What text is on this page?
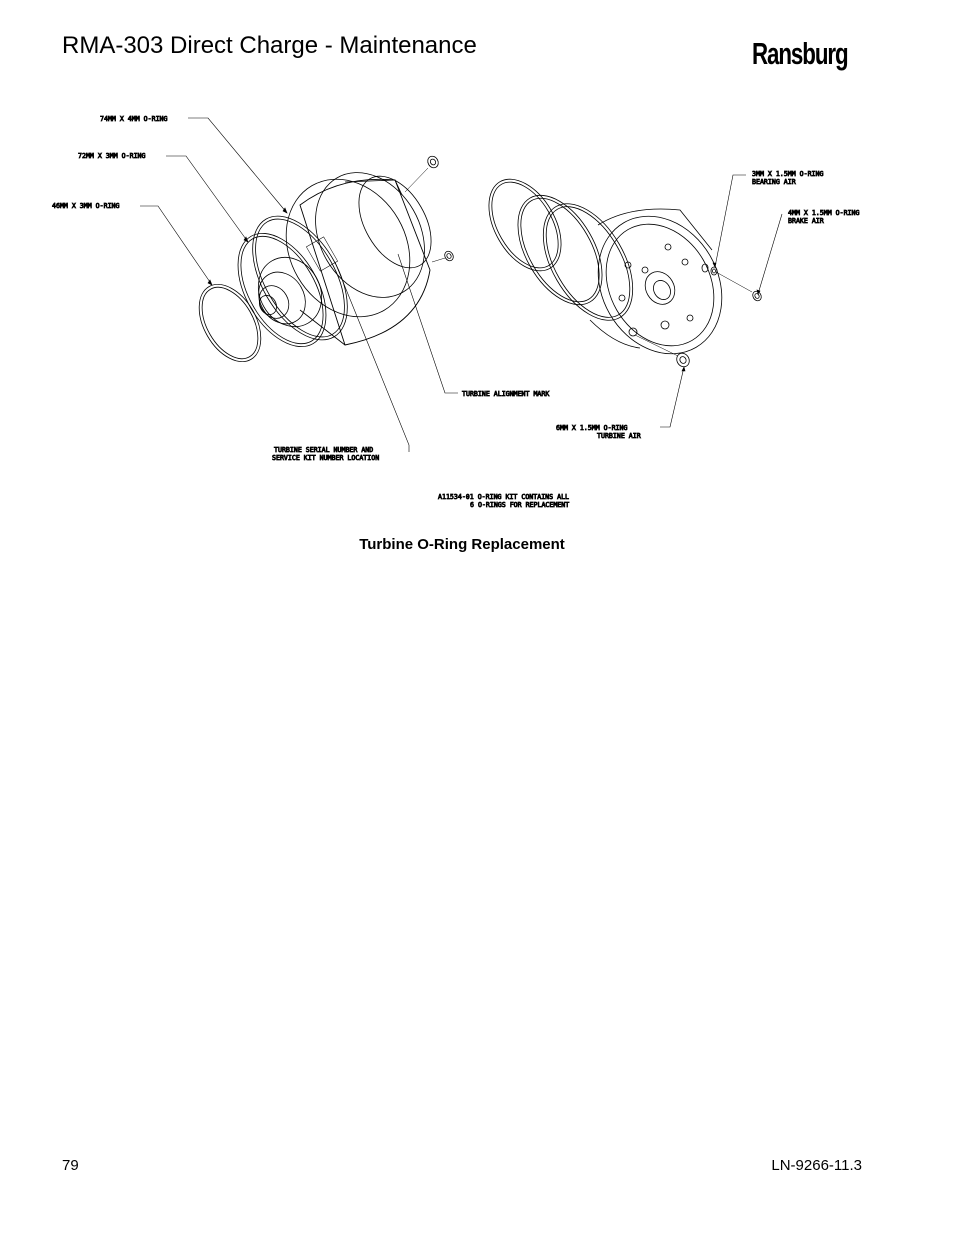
RMA-303 Direct Charge - Maintenance	Ransburg
74MM X 4MM O-RING
72MM X 3MM O-RING
46MM X 3MM O-RING
3MM X 1.5MM O-RING
BEARING AIR
4MM X 1.5MM O-RING
BRAKE AIR
TURBINE ALIGNMENT MARK
TURBINE SERIAL NUMBER AND
SERVICE KIT NUMBER LOCATION
6MM X 1.5MM O-RING
TURBINE AIR
A11534-01 O-RING KIT CONTAINS ALL
6 O-RINGS FOR REPLACEMENT
Turbine O-Ring Replacement
79	LN-9266-11.3
